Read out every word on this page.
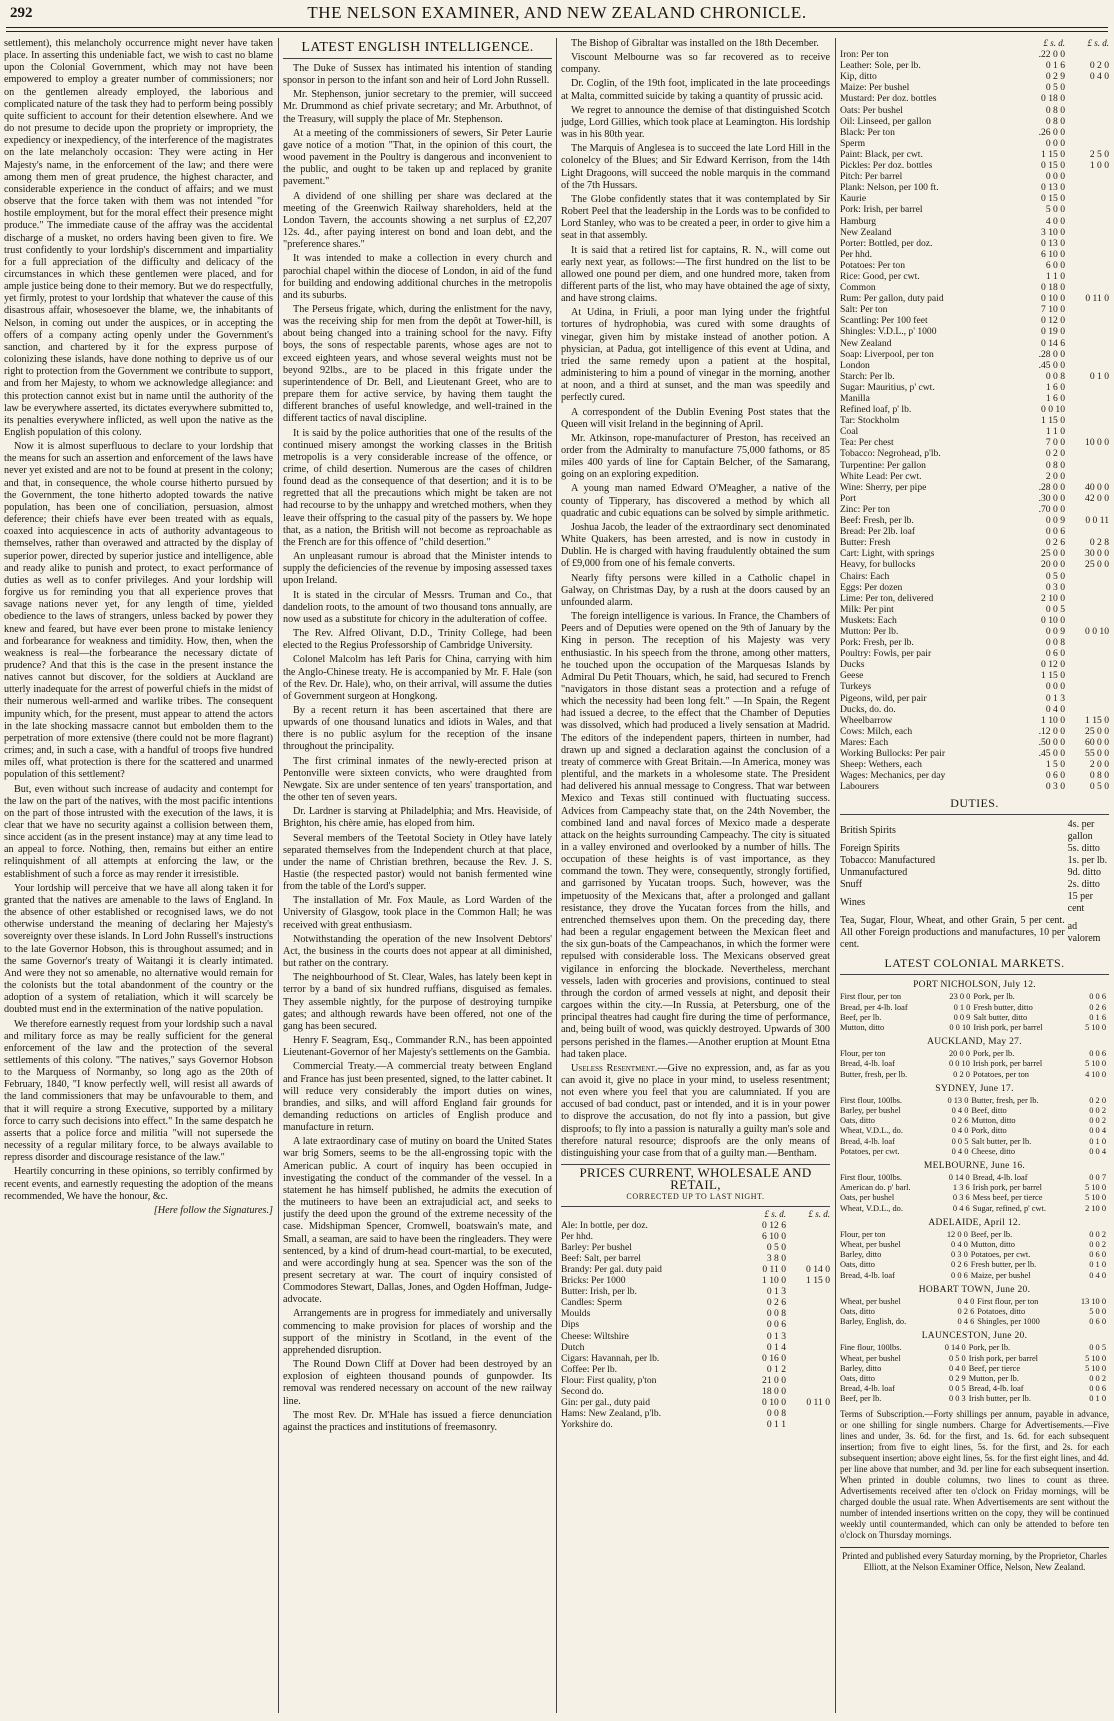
292	THE NELSON EXAMINER, AND NEW ZEALAND CHRONICLE.

settlement), this melancholy occurrence might never have taken place. In asserting this undeniable fact, we wish to cast no blame upon the Colonial Government, which may not have been empowered to employ a greater number of commissioners; nor on the gentlemen already employed, the laborious and complicated nature of the task they had to perform being possibly quite sufficient to account for their detention elsewhere. And we do not presume to decide upon the propriety or impropriety, the expediency or inexpediency, of the interference of the magistrates on the late melancholy occasion: They were acting in Her Majesty's name, in the enforcement of the law; and there were among them men of great prudence, the highest character, and considerable experience in the conduct of affairs; and we must observe that the force taken with them was not intended "for hostile employment, but for the moral effect their presence might produce." The immediate cause of the affray was the accidental discharge of a musket, no orders having been given to fire. We trust confidently to your lordship's discernment and impartiality for a full appreciation of the difficulty and delicacy of the circumstances in which these gentlemen were placed, and for ample justice being done to their memory. But we do respectfully, yet firmly, protest to your lordship that whatever the cause of this disastrous affair, whosesoever the blame, we, the inhabitants of Nelson, in coming out under the auspices, or in accepting the offers of a company acting openly under the Government's sanction, and chartered by it for the express purpose of colonizing these islands, have done nothing to deprive us of our right to protection from the Government we contribute to support, and from her Majesty, to whom we acknowledge allegiance: and this protection cannot exist but in name until the authority of the law be everywhere asserted, its dictates everywhere submitted to, its penalties everywhere inflicted, as well upon the native as the English population of this colony.

Now it is almost superfluous to declare to your lordship that the means for such an assertion and enforcement of the laws have never yet existed and are not to be found at present in the colony; and that, in consequence, the whole course hitherto pursued by the Government, the tone hitherto adopted towards the native population, has been one of conciliation, persuasion, almost deference; their chiefs have ever been treated with as equals, coaxed into acquiescence in acts of authority advantageous to themselves, rather than overawed and attracted by the display of superior power, directed by superior justice and intelligence, able and ready alike to punish and protect, to exact performance of duties as well as to confer privileges. And your lordship will forgive us for reminding you that all experience proves that savage nations never yet, for any length of time, yielded obedience to the laws of strangers, unless backed by power they knew and feared, but have ever been prone to mistake leniency and forbearance for weakness and timidity. How, then, when the weakness is real—the forbearance the necessary dictate of prudence? And that this is the case in the present instance the natives cannot but discover, for the soldiers at Auckland are utterly inadequate for the arrest of powerful chiefs in the midst of their numerous well-armed and warlike tribes. The consequent impunity which, for the present, must appear to attend the actors in the late shocking massacre cannot but embolden them to the perpetration of more extensive (there could not be more flagrant) crimes; and, in such a case, with a handful of troops five hundred miles off, what protection is there for the scattered and unarmed population of this settlement?

But, even without such increase of audacity and contempt for the law on the part of the natives, with the most pacific intentions on the part of those intrusted with the execution of the laws, it is clear that we have no security against a collision between them, since accident (as in the present instance) may at any time lead to an appeal to force. Nothing, then, remains but either an entire relinquishment of all attempts at enforcing the law, or the establishment of such a force as may render it irresistible.

Your lordship will perceive that we have all along taken it for granted that the natives are amenable to the laws of England. In the absence of other established or recognised laws, we do not otherwise understand the meaning of declaring her Majesty's sovereignty over these islands. In Lord John Russell's instructions to the late Governor Hobson, this is throughout assumed; and in the same Governor's treaty of Waitangi it is clearly intimated. And were they not so amenable, no alternative would remain for the colonists but the total abandonment of the country or the adoption of a system of retaliation, which it will scarcely be doubted must end in the extermination of the native population.

We therefore earnestly request from your lordship such a naval and military force as may be really sufficient for the general enforcement of the law and the protection of the several settlements of this colony. "The natives," says Governor Hobson to the Marquess of Normanby, so long ago as the 20th of February, 1840, "I know perfectly well, will resist all awards of the land commissioners that may be unfavourable to them, and that it will require a strong Executive, supported by a military force to carry such decisions into effect." In the same despatch he asserts that a police force and militia "will not supersede the necessity of a regular military force, to be always available to repress disorder and discourage resistance of the law."

Heartily concurring in these opinions, so terribly confirmed by recent events, and earnestly requesting the adoption of the means recommended, We have the honour, &c.

[Here follow the Signatures.]

LATEST ENGLISH INTELLIGENCE.

The Duke of Sussex has intimated his intention of standing sponsor in person to the infant son and heir of Lord John Russell.

Mr. Stephenson, junior secretary to the premier, will succeed Mr. Drummond as chief private secretary; and Mr. Arbuthnot, of the Treasury, will supply the place of Mr. Stephenson.

At a meeting of the commissioners of sewers, Sir Peter Laurie gave notice of a motion "That, in the opinion of this court, the wood pavement in the Poultry is dangerous and inconvenient to the public, and ought to be taken up and replaced by granite pavement."

A dividend of one shilling per share was declared at the meeting of the Greenwich Railway shareholders, held at the London Tavern, the accounts showing a net surplus of £2,207 12s. 4d., after paying interest on bond and loan debt, and the "preference shares."

It was intended to make a collection in every church and parochial chapel within the diocese of London, in aid of the fund for building and endowing additional churches in the metropolis and its suburbs.

The Perseus frigate, which, during the enlistment for the navy, was the receiving ship for men from the depôt at Tower-hill, is about being changed into a training school for the navy. Fifty boys, the sons of respectable parents, whose ages are not to exceed eighteen years, and whose several weights must not be beyond 92lbs., are to be placed in this frigate under the superintendence of Dr. Bell, and Lieutenant Greet, who are to prepare them for active service, by having them taught the different branches of useful knowledge, and well-trained in the different tactics of naval discipline.

It is said by the police authorities that one of the results of the continued misery amongst the working classes in the British metropolis is a very considerable increase of the offence, or crime, of child desertion. Numerous are the cases of children found dead as the consequence of that desertion; and it is to be regretted that all the precautions which might be taken are not had recourse to by the unhappy and wretched mothers, when they leave their offspring to the casual pity of the passers by. We hope that, as a nation, the British will not become as reproachable as the French are for this offence of "child desertion."

An unpleasant rumour is abroad that the Minister intends to supply the deficiencies of the revenue by imposing assessed taxes upon Ireland.

It is stated in the circular of Messrs. Truman and Co., that dandelion roots, to the amount of two thousand tons annually, are now used as a substitute for chicory in the adulteration of coffee.

The Rev. Alfred Olivant, D.D., Trinity College, had been elected to the Regius Professorship of Cambridge University.

Colonel Malcolm has left Paris for China, carrying with him the Anglo-Chinese treaty. He is accompanied by Mr. F. Hale (son of the Rev. Dr. Hale), who, on their arrival, will assume the duties of Government surgeon at Hongkong.

By a recent return it has been ascertained that there are upwards of one thousand lunatics and idiots in Wales, and that there is no public asylum for the reception of the insane throughout the principality.

The first criminal inmates of the newly-erected prison at Pentonville were sixteen convicts, who were draughted from Newgate. Six are under sentence of ten years' transportation, and the other ten of seven years.

Dr. Lardner is starving at Philadelphia; and Mrs. Heaviside, of Brighton, his chère amie, has eloped from him.

Several members of the Teetotal Society in Otley have lately separated themselves from the Independent church at that place, under the name of Christian brethren, because the Rev. J. S. Hastie (the respected pastor) would not banish fermented wine from the table of the Lord's supper.

The installation of Mr. Fox Maule, as Lord Warden of the University of Glasgow, took place in the Common Hall; he was received with great enthusiasm.

Notwithstanding the operation of the new Insolvent Debtors' Act, the business in the courts does not appear at all diminished, but rather on the contrary.

The neighbourhood of St. Clear, Wales, has lately been kept in terror by a band of six hundred ruffians, disguised as females. They assemble nightly, for the purpose of destroying turnpike gates; and although rewards have been offered, not one of the gang has been secured.

Henry F. Seagram, Esq., Commander R.N., has been appointed Lieutenant-Governor of her Majesty's settlements on the Gambia.

Commercial Treaty.—A commercial treaty between England and France has just been presented, signed, to the latter cabinet. It will reduce very considerably the import duties on wines, brandies, and silks, and will afford England fair grounds for demanding reductions on articles of English produce and manufacture in return.

A late extraordinary case of mutiny on board the United States war brig Somers, seems to be the all-engrossing topic with the American public. A court of inquiry has been occupied in investigating the conduct of the commander of the vessel. In a statement he has himself published, he admits the execution of the mutineers to have been an extrajudicial act, and seeks to justify the deed upon the ground of the extreme necessity of the case. Midshipman Spencer, Cromwell, boatswain's mate, and Small, a seaman, are said to have been the ringleaders. They were sentenced, by a kind of drum-head court-martial, to be executed, and were accordingly hung at sea. Spencer was the son of the present secretary at war. The court of inquiry consisted of Commodores Stewart, Dallas, Jones, and Ogden Hoffman, Judge-advocate.

Arrangements are in progress for immediately and universally commencing to make provision for places of worship and the support of the ministry in Scotland, in the event of the apprehended disruption.

The Round Down Cliff at Dover had been destroyed by an explosion of eighteen thousand pounds of gunpowder. Its removal was rendered necessary on account of the new railway line.

The most Rev. Dr. M'Hale has issued a fierce denunciation against the practices and institutions of freemasonry.

The Bishop of Gibraltar was installed on the 18th December.

Viscount Melbourne was so far recovered as to receive company.

Dr. Coglin, of the 19th foot, implicated in the late proceedings at Malta, committed suicide by taking a quantity of prussic acid.

We regret to announce the demise of that distinguished Scotch judge, Lord Gillies, which took place at Leamington. His lordship was in his 80th year.

The Marquis of Anglesea is to succeed the late Lord Hill in the colonelcy of the Blues; and Sir Edward Kerrison, from the 14th Light Dragoons, will succeed the noble marquis in the command of the 7th Hussars.

The Globe confidently states that it was contemplated by Sir Robert Peel that the leadership in the Lords was to be confided to Lord Stanley, who was to be created a peer, in order to give him a seat in that assembly.

It is said that a retired list for captains, R. N., will come out early next year, as follows:—The first hundred on the list to be allowed one pound per diem, and one hundred more, taken from different parts of the list, who may have obtained the age of sixty, and have strong claims.

At Udina, in Friuli, a poor man lying under the frightful tortures of hydrophobia, was cured with some draughts of vinegar, given him by mistake instead of another potion. A physician, at Padua, got intelligence of this event at Udina, and tried the same remedy upon a patient at the hospital, administering to him a pound of vinegar in the morning, another at noon, and a third at sunset, and the man was speedily and perfectly cured.

A correspondent of the Dublin Evening Post states that the Queen will visit Ireland in the beginning of April.

Mr. Atkinson, rope-manufacturer of Preston, has received an order from the Admiralty to manufacture 75,000 fathoms, or 85 miles 400 yards of line for Captain Belcher, of the Samarang, going on an exploring expedition.

A young man named Edward O'Meagher, a native of the county of Tipperary, has discovered a method by which all quadratic and cubic equations can be solved by simple arithmetic.

Joshua Jacob, the leader of the extraordinary sect denominated White Quakers, has been arrested, and is now in custody in Dublin. He is charged with having fraudulently obtained the sum of £9,000 from one of his female converts.

Nearly fifty persons were killed in a Catholic chapel in Galway, on Christmas Day, by a rush at the doors caused by an unfounded alarm.

The foreign intelligence is various. In France, the Chambers of Peers and of Deputies were opened on the 9th of January by the King in person. The reception of his Majesty was very enthusiastic. In his speech from the throne, among other matters, he touched upon the occupation of the Marquesas Islands by Admiral Du Petit Thouars, which, he said, had secured to French "navigators in those distant seas a protection and a refuge of which the necessity had been long felt." —In Spain, the Regent had issued a decree, to the effect that the Chamber of Deputies was dissolved, which had produced a lively sensation at Madrid. The editors of the independent papers, thirteen in number, had drawn up and signed a declaration against the conclusion of a treaty of commerce with Great Britain.—In America, money was plentiful, and the markets in a wholesome state. The President had delivered his annual message to Congress. That war between Mexico and Texas still continued with fluctuating success. Advices from Campeachy state that, on the 24th November, the combined land and naval forces of Mexico made a desperate attack on the heights surrounding Campeachy. The city is situated in a valley environed and overlooked by a number of hills. The occupation of these heights is of vast importance, as they command the town. They were, consequently, strongly fortified, and garrisoned by Yucatan troops. Such, however, was the impetuosity of the Mexicans that, after a prolonged and gallant resistance, they drove the Yucatan forces from the hills, and entrenched themselves upon them. On the preceding day, there had been a regular engagement between the Mexican fleet and the six gun-boats of the Campeachanos, in which the former were repulsed with considerable loss. The Mexicans observed great vigilance in enforcing the blockade. Nevertheless, merchant vessels, laden with groceries and provisions, continued to steal through the cordon of armed vessels at night, and deposit their cargoes within the city.—In Russia, at Petersburg, one of the principal theatres had caught fire during the time of performance, and, being built of wood, was quickly destroyed. Upwards of 300 persons perished in the flames.—Another eruption at Mount Etna had taken place.

Useless Resentment.—Give no expression, and, as far as you can avoid it, give no place in your mind, to useless resentment; not even where you feel that you are calumniated. If you are accused of bad conduct, past or intended, and it is in your power to disprove the accusation, do not fly into a passion, but give disproofs; to fly into a passion is naturally a guilty man's sole and therefore natural resource; disproofs are the only means of distinguishing your case from that of a guilty man.—Bentham.

PRICES CURRENT, WHOLESALE AND RETAIL,
CORRECTED UP TO LAST NIGHT.
	£ s. d.	£ s. d.
Ale: In bottle, per doz.	0 12 6	
Per hhd.	6 10 0	
Barley: Per bushel	0 5 0	
Beef: Salt, per barrel	3 8 0	
Brandy: Per gal. duty paid	0 11 0	0 14 0
Bricks: Per 1000	1 10 0	1 15 0
Butter: Irish, per lb.	0 1 3	
Candles: Sperm	0 2 6	
Moulds	0 0 8	
Dips	0 0 6	
Cheese: Wiltshire	0 1 3	
Dutch	0 1 4	
Cigars: Havannah, per lb.	0 16 0	
Coffee: Per lb.	0 1 2	
Flour: First quality, p'ton	21 0 0	
Second do.	18 0 0	
Gin: per gal., duty paid	0 10 0	0 11 0
Hams: New Zealand, p'lb.	0 0 8	
Yorkshire do.	0 1 1	
	£ s. d.	£ s. d.
Iron: Per ton	.22 0 0	
Leather: Sole, per lb.	0 1 6	0 2 0
Kip, ditto	0 2 9	0 4 0
Maize: Per bushel	0 5 0	
Mustard: Per doz. bottles	0 18 0	
Oats: Per bushel	0 8 0	
Oil: Linseed, per gallon	0 8 0	
Black: Per ton	.26 0 0	
Sperm	0 0 0	
Paint: Black, per cwt.	1 15 0	2 5 0
Pickles: Per doz. bottles	0 15 0	1 0 0
Pitch: Per barrel	0 0 0	
Plank: Nelson, per 100 ft.	0 13 0	
Kaurie	0 15 0	
Pork: Irish, per barrel	5 0 0	
Hamburg	4 0 0	
New Zealand	3 10 0	
Porter: Bottled, per doz.	0 13 0	
Per hhd.	6 10 0	
Potatoes: Per ton	6 0 0	
Rice: Good, per cwt.	1 1 0	
Common	0 18 0	
Rum: Per gallon, duty paid	0 10 0	0 11 0
Salt: Per ton	7 10 0	
Scantling: Per 100 feet	0 12 0	
Shingles: V.D.L., p' 1000	0 19 0	
New Zealand	0 14 6	
Soap: Liverpool, per ton	.28 0 0	
London	.45 0 0	
Starch: Per lb.	0 0 8	0 1 0
Sugar: Mauritius, p' cwt.	1 6 0	
Manilla	1 6 0	
Refined loaf, p' lb.	0 0 10	
Tar: Stockholm	1 15 0	
Coal	1 1 0	
Tea: Per chest	7 0 0	10 0 0
Tobacco: Negrohead, p'lb.	0 2 0	
Turpentine: Per gallon	0 8 0	
White Lead: Per cwt.	2 0 0	
Wine: Sherry, per pipe	.28 0 0	40 0 0
Port	.30 0 0	42 0 0
Zinc: Per ton	.70 0 0	

Beef: Fresh, per lb.	0 0 9	0 0 11
Bread: Per 2lb. loaf	0 0 6	
Butter: Fresh	0 2 6	0 2 8
Cart: Light, with springs	25 0 0	30 0 0
Heavy, for bullocks	20 0 0	25 0 0
Chairs: Each	0 5 0	
Eggs: Per dozen	0 3 0	
Lime: Per ton, delivered	2 10 0	
Milk: Per pint	0 0 5	
Muskets: Each	0 10 0	
Mutton: Per lb.	0 0 9	0 0 10
Pork: Fresh, per lb.	0 0 8	
Poultry: Fowls, per pair	0 6 0	
Ducks	0 12 0	
Geese	1 15 0	
Turkeys	0 0 0	
Pigeons, wild, per pair	0 1 3	
Ducks, do. do.	0 4 0	
Wheelbarrow	1 10 0	1 15 0

Cows: Milch, each	.12 0 0	25 0 0
Mares: Each	.50 0 0	60 0 0
Working Bullocks: Per pair	.45 0 0	55 0 0
Sheep: Wethers, each	1 5 0	2 0 0

Wages: Mechanics, per day	0 6 0	0 8 0
Labourers	0 3 0	0 5 0
DUTIES.
British Spirits	4s. per gallon
Foreign Spirits	5s. ditto
Tobacco: Manufactured	1s. per lb.
Unmanufactured	9d. ditto
Snuff	2s. ditto
Wines	15 per cent
Tea, Sugar, Flour, Wheat, and other Grain, 5 per cent. All other Foreign productions and manufactures, 10 per cent.	ad valorem
LATEST COLONIAL MARKETS.
PORT NICHOLSON, July 12.
First flour, per ton	23 0 0	Pork, per lb.	0 0 6
Bread, per 4-lb. loaf	0 1 0	Fresh butter, ditto	0 2 6
Beef, per lb.	0 0 9	Salt butter, ditto	0 1 6
Mutton, ditto	0 0 10	Irish pork, per barrel	5 10 0
AUCKLAND, May 27.
Flour, per ton	20 0 0	Pork, per lb.	0 0 6
Bread, 4-lb. loaf	0 0 10	Irish pork, per barrel	5 10 0
Butter, fresh, per lb.	0 2 0	Potatoes, per ton	4 10 0
SYDNEY, June 17.
First flour, 100lbs.	0 13 0	Butter, fresh, per lb.	0 2 0
Barley, per bushel	0 4 0	Beef, ditto	0 0 2
Oats, ditto	0 2 6	Mutton, ditto	0 0 2
Wheat, V.D.L., do.	0 4 0	Pork, ditto	0 0 4
Bread, 4-lb. loaf	0 0 5	Salt butter, per lb.	0 1 0
Potatoes, per cwt.	0 4 0	Cheese, ditto	0 0 4
MELBOURNE, June 16.
First flour, 100lbs.	0 14 0	Bread, 4-lb. loaf	0 0 7
American do. p' barl.	1 3 6	Irish pork, per barrel	5 10 0
Oats, per bushel	0 3 6	Mess beef, per tierce	5 10 0
Wheat, V.D.L., do.	0 4 6	Sugar, refined, p' cwt.	2 10 0
ADELAIDE, April 12.
Flour, per ton	12 0 0	Beef, per lb.	0 0 2
Wheat, per bushel	0 4 0	Mutton, ditto	0 0 2
Barley, ditto	0 3 0	Potatoes, per cwt.	0 6 0
Oats, ditto	0 2 6	Fresh butter, per lb.	0 1 0
Bread, 4-lb. loaf	0 0 6	Maize, per bushel	0 4 0
HOBART TOWN, June 20.
Wheat, per bushel	0 4 0	First flour, per ton	13 10 0
Oats, ditto	0 2 6	Potatoes, ditto	5 0 0
Barley, English, do.	0 4 6	Shingles, per 1000	0 6 0
LAUNCESTON, June 20.
Fine flour, 100lbs.	0 14 0	Pork, per lb.	0 0 5
Wheat, per bushel	0 5 0	Irish pork, per barrel	5 10 0
Barley, ditto	0 4 0	Beef, per tierce	5 10 0
Oats, ditto	0 2 9	Mutton, per lb.	0 0 2
Bread, 4-lb. loaf	0 0 5	Bread, 4-lb. loaf	0 0 6
Beef, per lb.	0 0 3	Irish butter, per lb.	0 1 0
Terms of Subscription.—Forty shillings per annum, payable in advance, or one shilling for single numbers. Charge for Advertisements.—Five lines and under, 3s. 6d. for the first, and 1s. 6d. for each subsequent insertion; from five to eight lines, 5s. for the first, and 2s. for each subsequent insertion; above eight lines, 5s. for the first eight lines, and 4d. per line above that number, and 3d. per line for each subsequent insertion. When printed in double columns, two lines to count as three. Advertisements received after ten o'clock on Friday mornings, will be charged double the usual rate. When Advertisements are sent without the number of intended insertions written on the copy, they will be continued weekly until countermanded, which can only be attended to before ten o'clock on Thursday mornings.
Printed and published every Saturday morning, by the Proprietor, Charles Elliott, at the Nelson Examiner Office, Nelson, New Zealand.
